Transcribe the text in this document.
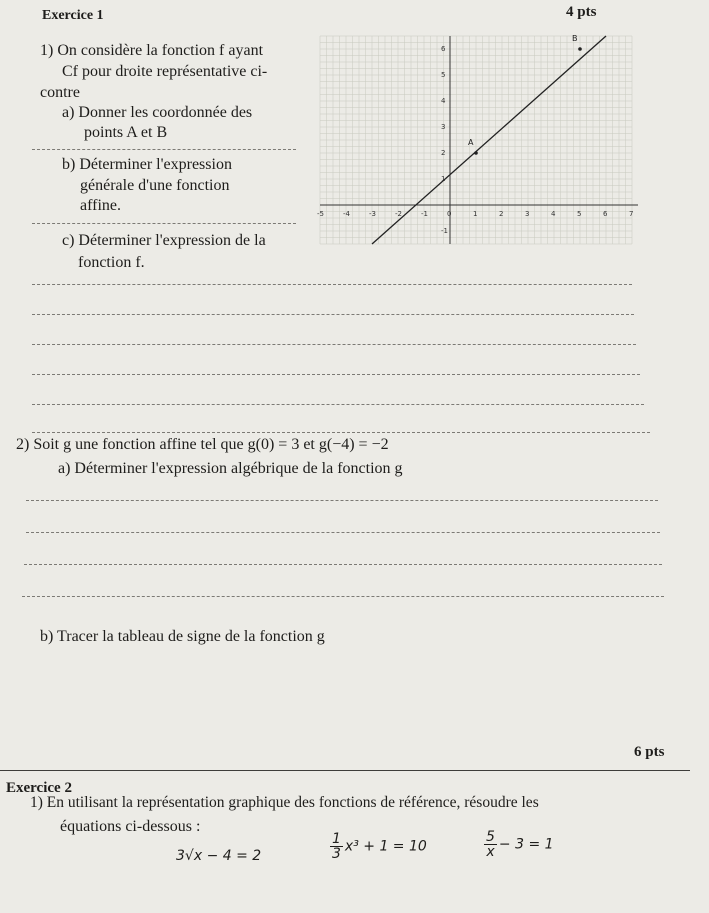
Exercice 1	4 pts
1) On considère la fonction f ayant
Cf pour droite représentative ci-
contre
a) Donner les coordonnée des
points A et B
b) Déterminer l'expression
générale d'une fonction
affine.
c) Déterminer l'expression de la
fonction f.
2) Soit g une fonction affine tel que g(0) = 3 et g(−4) = −2
a) Déterminer l'expression algébrique de la fonction g
b) Tracer la tableau de signe de la fonction g
-5	-4	-3	-2	-1	0	1	2	3	4	5	6	7
-1
1
2
3
4
5
6
A
B
6 pts
Exercice 2
1) En utilisant la représentation graphique des fonctions de référence, résoudre les
équations ci-dessous :
3√x − 4 = 2	$\frac{1}{3} x^3 + 1 = 10$	$\frac{5}{x} - 3 = 1$
